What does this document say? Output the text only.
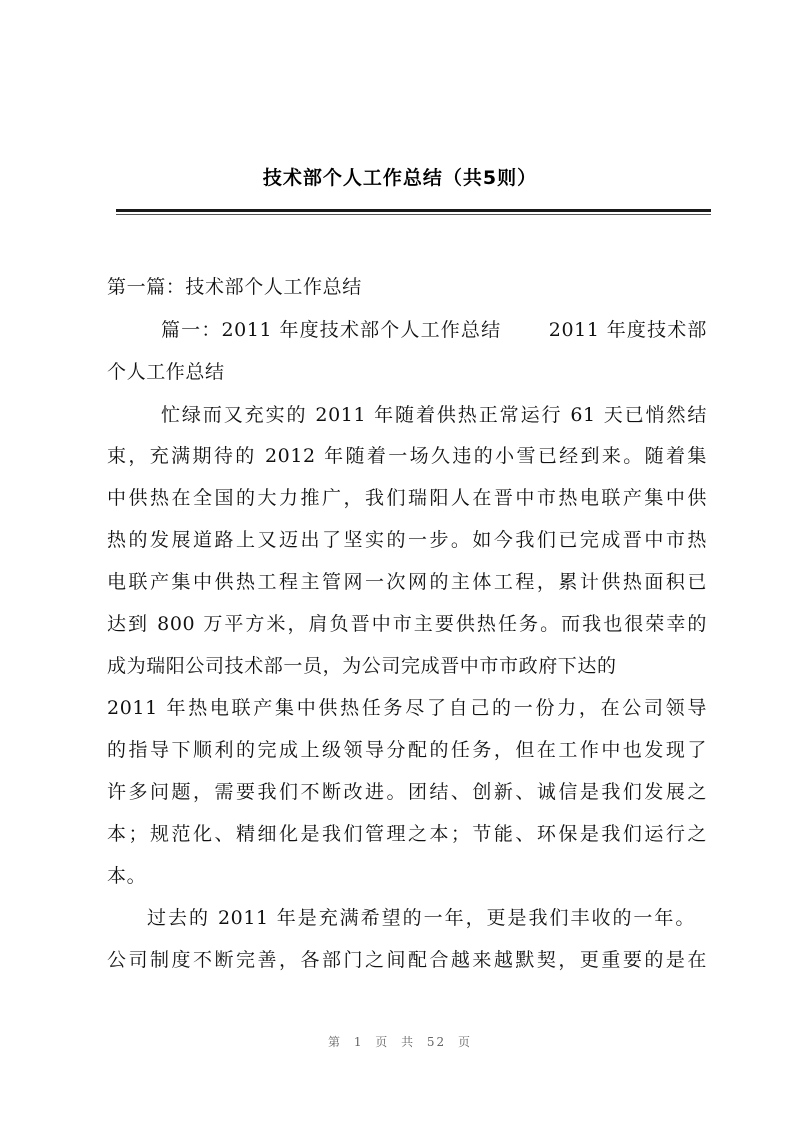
技术部个人工作总结（共5则）
第一篇：技术部个人工作总结
篇一：2011 年度技术部个人工作总结　　 2011 年度技术部
个人工作总结
忙绿而又充实的 2011 年随着供热正常运行 61 天已悄然结
束，充满期待的 2012 年随着一场久违的小雪已经到来。随着集
中供热在全国的大力推广，我们瑞阳人在晋中市热电联产集中供
热的发展道路上又迈出了坚实的一步。如今我们已完成晋中市热
电联产集中供热工程主管网一次网的主体工程，累计供热面积已
达到 800 万平方米，肩负晋中市主要供热任务。而我也很荣幸的
成为瑞阳公司技术部一员，为公司完成晋中市市政府下达的
2011 年热电联产集中供热任务尽了自己的一份力，在公司领导
的指导下顺利的完成上级领导分配的任务，但在工作中也发现了
许多问题，需要我们不断改进。团结、创新、诚信是我们发展之
本；规范化、精细化是我们管理之本；节能、环保是我们运行之
本。
过去的 2011 年是充满希望的一年，更是我们丰收的一年。
公司制度不断完善，各部门之间配合越来越默契，更重要的是在
第 1 页 共 52 页
